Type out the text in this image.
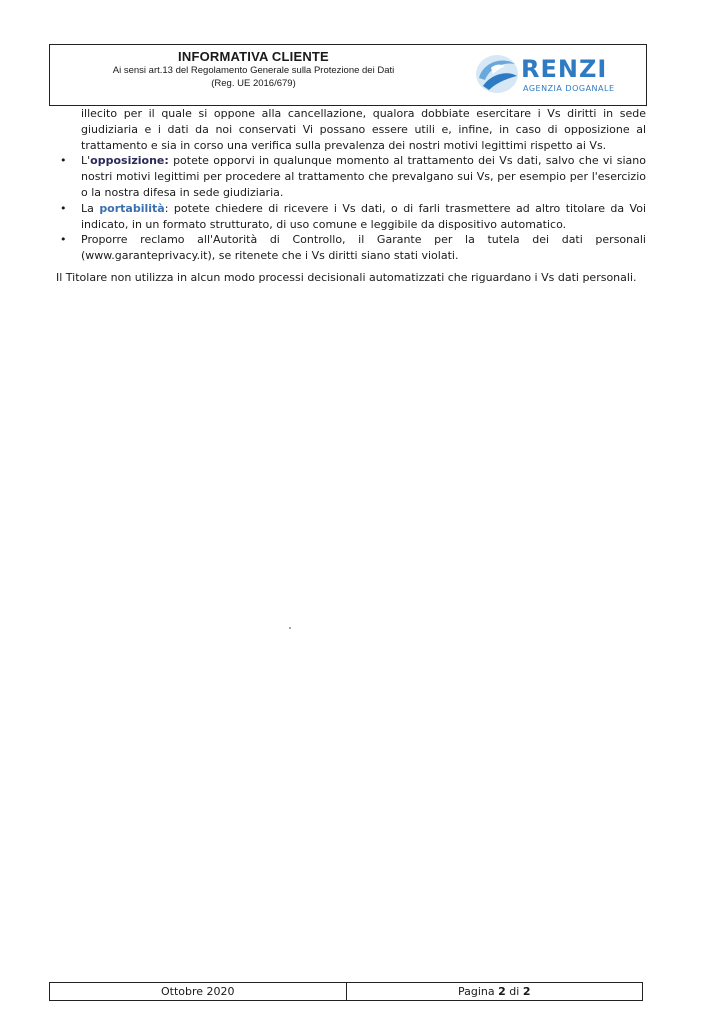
INFORMATIVA CLIENTE
Ai sensi art.13 del Regolamento Generale sulla Protezione dei Dati
(Reg. UE 2016/679)
RENZI
AGENZIA DOGANALE
illecito per il quale si oppone alla cancellazione, qualora dobbiate esercitare i Vs diritti in sede giudiziaria e i dati da noi conservati Vi possano essere utili e, infine, in caso di opposizione al trattamento e sia in corso una verifica sulla prevalenza dei nostri motivi legittimi rispetto ai Vs.
• L'opposizione: potete opporvi in qualunque momento al trattamento dei Vs dati, salvo che vi siano nostri motivi legittimi per procedere al trattamento che prevalgano sui Vs, per esempio per l'esercizio o la nostra difesa in sede giudiziaria.
• La portabilità: potete chiedere di ricevere i Vs dati, o di farli trasmettere ad altro titolare da Voi indicato, in un formato strutturato, di uso comune e leggibile da dispositivo automatico.
• Proporre reclamo all'Autorità di Controllo, il Garante per la tutela dei dati personali (www.garanteprivacy.it), se ritenete che i Vs diritti siano stati violati.
Il Titolare non utilizza in alcun modo processi decisionali automatizzati che riguardano i Vs dati personali.
Ottobre 2020	Pagina 2 di 2
